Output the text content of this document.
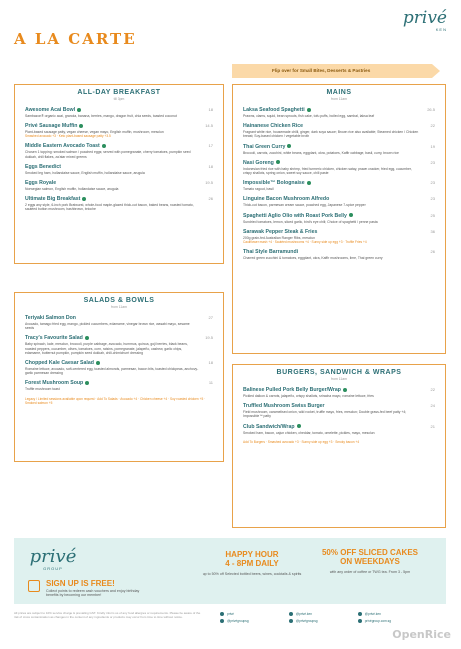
A LA CARTE
privé
KEN
Flip over for Small Bites, Desserts & Pastries
ALL-DAY BREAKFAST
till 3pm
Awesome Acai Bowl
Sambazon® organic acai, granola, banana, berries, mango, dragon fruit, chia seeds, toasted coconut
18
Privé Sausage Muffin
Plant-based sausage patty, vegan cheese, vegan mayo, English muffin, mushroom, mesclun
Smashed avocado +3 · Keto plant-based sausage patty +3.5
14.5
Middle Eastern Avocado Toast
Chosen 1 topping: smoked salmon / poached eggs; served with pomegranate, cherry tomatoes, pumpkin seed dukkah, chili flakes, za'atar mixed greens
17
Eggs Benedict
Smoked leg ham, hollandaise sauce, English muffin, hollandaise sauce, arugula
18
Eggs Royale
Norwegian salmon, English muffin, hollandaise sauce, arugula
19.5
Ultimate Big Breakfast
2 eggs any style, 6-inch pork Bratwurst, whole-food maple-glazed thick-cut bacon, baked beans, roasted tomato, sautéed button mushroom, hashbrown, brioche
26
SALADS & BOWLS
from 11am
Teriyaki Salmon Don
Avocado, tamago fried egg, mango, pickled cucumbers, edamame, vinegar brown rice, wasabi mayo, sesame seeds
27
Tracy's Favourite Salad
Baby spinach, kale, mesclun, broccoli, purple cabbage, avocado, hummus, quinoa, goji berries, black beans, roasted peppers, cucumber, olives, tomatoes, corn, raisins, pomegranate, jalapeño, cashew, garlic chips, edamame, butternut pumpkin, pumpkin seed dukkah, chili-chimichurri dressing
19.5
Chopped Kale Caesar Salad
Romaine lettuce, avocado, soft-centered egg, toasted almonds, parmesan, bacon bits, toasted chickpeas, anchovy-garlic parmesan dressing
18
Forest Mushroom Soup
Truffle mushroom toast
11
Legacy / Limited sessions available upon request · Add To Salads · Avocado +4 · Chicken cheese +4 · Soy roasted chicken +5 · Smoked salmon +5
MAINS
from 11am
Laksa Seafood Spaghetti
Prawns, clams, squid, bean sprouts, fish cake, tofu puffs, boiled egg, sambal, laksa leaf
26.5
Hainanese Chicken Rice
Fragrant white rice, housemade chilli, ginger, dark soya sauce; Brown rice also available; Steamed chicken / Chicken breast; Soy-based chicken / vegetable broth
22
Thai Green Curry
Broccoli, carrots, zucchini, white beans, eggplant, okra, potatoes, Kaffir cabbage, basil, curry, brown rice
19
Nasi Goreng
Indonesian fried rice with baby shrimp, fried turmeric chicken, chicken satay, prawn cracker, fried egg, cucumber, crispy shallots, spring onion, sweet soy sauce, chili paste
23
Impossible™ Bolognaise
Tomato ragout, basil
23
Linguine Bacon Mushroom Alfredo
Thick-cut bacon, parmesan cream sauce, poached egg, Japanese 7-spice pepper
23
Spaghetti Aglio Olio with Roast Pork Belly
Sundried tomatoes, lemon, sliced garlic, bird's eye chili; Choice of spaghetti / penne pasta
25
Sarawak Pepper Steak & Fries
200g grain-fed Australian Ranger Ribs, mesclun
Cauliflower mash +4 · Sautéed mushrooms +4 · Sunny side up egg +3 · Truffle Fries +4
36
Thai Style Barramundi
Charred green zucchini & tomatoes, eggplant, okra, Kaffir mushrooms, lime, Thai green curry
26
BURGERS, SANDWICH & WRAPS
from 11am
Balinese Pulled Pork Belly Burger/Wrap
Pickled daikon & carrots, jalapeño, crispy shallots, sriracha mayo, romaine lettuce, fries
22
Truffled Mushroom Swiss Burger
Field mushroom, caramelised onion, wild rocket, truffle mayo, fries, mesclun; Double grass-fed beef patty +4; Impossible™ patty
24
Club Sandwich/Wrap
Smoked ham, bacon, cajun chicken, cheddar, tomato, omelette, pickles, mayo, mesclun
21
Add To Burgers · Smashed avocado +3 · Sunny side up egg +3 · Smoky bacon +4
privé
GROUP
SIGN UP IS FREE!
Collect points to redeem cash vouchers and enjoy birthday benefits by becoming our member!
HAPPY HOUR
4 - 8PM DAILY
up to 50% off Selected bottled beers, wines, cocktails & spirits
50% OFF SLICED CAKES
ON WEEKDAYS
with any order of coffee or TWG tea. From 3 - 5pm
All prices are subject to 10% service charge & prevailing GST. Kindly inform us of any food allergies or requirements. Please be aware of the risk of cross contamination as changes in the content of any ingredients or products may occur from time to time without notice.
privé	@privé.ken	@privé.ken @privégroupsg	@privégroupsg	privégroup.com.sg
OpenRice
